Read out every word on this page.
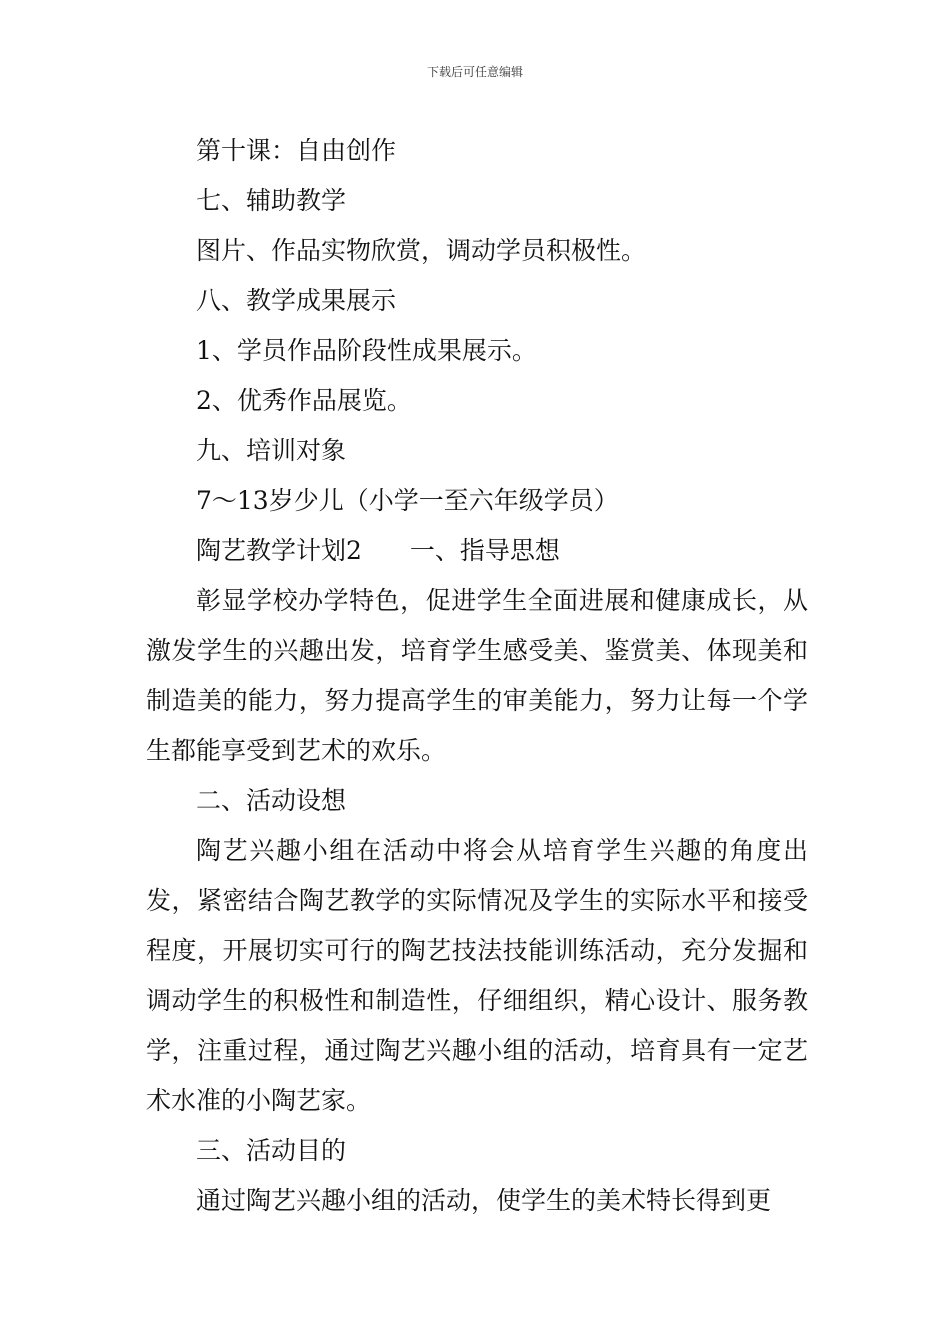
下载后可任意编辑
第十课：自由创作
七、辅助教学
图片、作品实物欣赏，调动学员积极性。
八、教学成果展示
1、学员作品阶段性成果展示。
2、优秀作品展览。
九、培训对象
7～13岁少儿（小学一至六年级学员）
陶艺教学计划2 一、指导思想

彰显学校办学特色，促进学生全面进展和健康成长，从激发学生的兴趣出发，培育学生感受美、鉴赏美、体现美和制造美的能力，努力提高学生的审美能力，努力让每一个学生都能享受到艺术的欢乐。

二、活动设想

陶艺兴趣小组在活动中将会从培育学生兴趣的角度出发，紧密结合陶艺教学的实际情况及学生的实际水平和接受程度，开展切实可行的陶艺技法技能训练活动，充分发掘和调动学生的积极性和制造性，仔细组织，精心设计、服务教学，注重过程，通过陶艺兴趣小组的活动，培育具有一定艺术水准的小陶艺家。

三、活动目的
通过陶艺兴趣小组的活动，使学生的美术特长得到更
